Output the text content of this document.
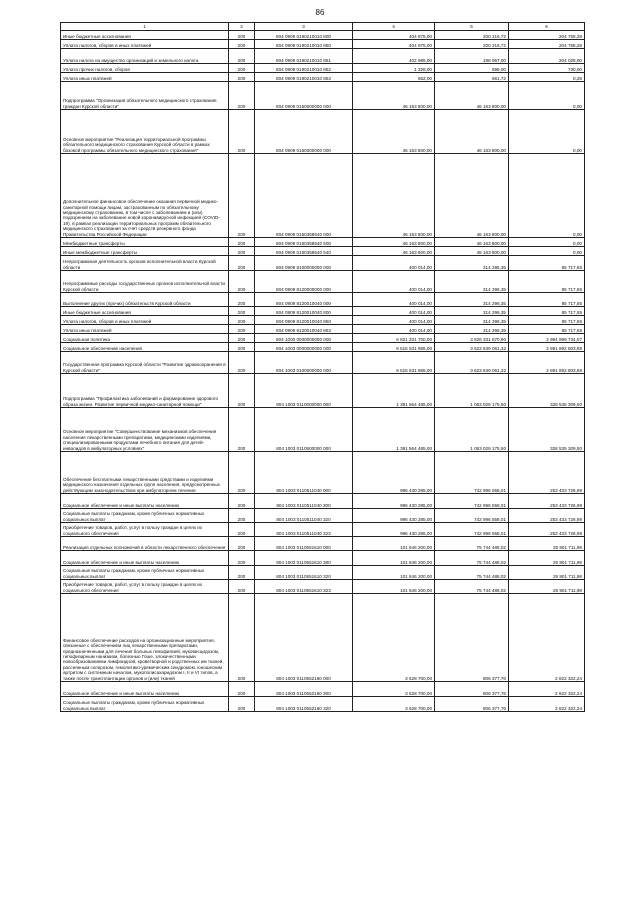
86
1	2	3	4	5	6
Иные бюджетные ассигнования	200	804 0909 0190210010 800	404 975,00	200 216,72	204 758,28
Уплата налогов, сборов и иных платежей	200	804 0909 0190210010 850	404 975,00	200 216,72	204 758,28
Уплата налога на имущество организаций и земельного налога	200	804 0909 0190210010 851	402 985,00	198 957,00	204 028,00
Уплата прочих налогов, сборов	200	804 0909 0190210010 852	1 328,00	598,00	730,00
Уплата иных платежей	200	804 0909 0190210010 853	662,00	661,72	0,28
Подпрограмма "Организация обязательного медицинского страхования граждан Курской области"	200	804 0909 0150000000 000	46 163 800,00	46 163 800,00	0,00
Основное мероприятие "Реализация территориальной программы обязательного медицинского страхования Курской области в рамках базовой программы обязательного медицинского страхования"	200	804 0909 0150300000 000	46 163 800,00	46 163 800,00	0,00
Дополнительное финансовое обеспечение оказания первичной медико-санитарной помощи лицам, застрахованным по обязательному медицинскому страхованию, в том числе с заболеванием и (или) подозрением на заболевание новой коронавирусной инфекцией (COVID-19), в рамках реализации территориальных программ обязательного медицинского страхования за счёт средств резервного фонда Правительства Российской Федерации	200	804 0909 0150358540 000	46 163 800,00	46 163 800,00	0,00
Межбюджетные трансферты	200	804 0909 0150358540 500	46 163 800,00	46 163 800,00	0,00
Иные межбюджетные трансферты	200	804 0909 0150358540 540	46 163 800,00	46 163 800,00	0,00
Непрограммная деятельность органов исполнительной власти Курской области	200	804 0909 8100000000 000	400 014,00	314 296,35	85 717,65
Непрограммные расходы государственных органов исполнительной власти Курской области	200	804 0909 8120000000 000	400 014,00	314 296,35	85 717,65
Выполнение других (прочих) обязательств Курской области	200	804 0909 8120010040 000	400 014,00	314 296,35	85 717,65
Иные бюджетные ассигнования	200	804 0909 8120010040 800	400 014,00	314 296,35	85 717,65
Уплата налогов, сборов и иных платежей	200	804 0909 8120010040 850	400 014,00	314 296,35	85 717,65
Уплата иных платежей	200	804 0909 8120010040 853	400 014,00	314 296,35	85 717,65
Социальная политика	200	804 1000 0000000000 000	6 821 331 700,00	3 826 331 670,90	2 994 999 734,07
Социальное обеспечение населения	200	804 1003 0000000000 000	6 515 531 865,00	3 623 639 061,32	2 891 892 803,68
Государственная программа Курской области "Развитие здравоохранения в Курской области"	200	804 1003 0100000000 000	6 515 531 865,00	3 623 639 061,32	2 891 892 803,68
Подпрограмма "Профилактика заболеваний и формирование здорового образа жизни. Развитие первичной медико-санитарной помощи"	200	804 1003 0110000000 000	1 391 564 485,00	1 063 029 175,50	328 535 309,50
Основное мероприятие "Совершенствование механизмов обеспечения населения лекарственными препаратами, медицинскими изделиями, специализированными продуктами лечебного питания для детей-инвалидов в амбулаторных условиях"	200	804 1003 0110500000 000	1 391 564 485,00	1 063 029 175,50	328 535 309,50
Обеспечение бесплатными лекарственными средствами и изделиями медицинского назначения отдельных групп населения, предусмотренных действующим законодательством при амбулаторном лечении	200	804 1003 0110511040 000	996 430 285,00	742 996 558,01	253 433 726,99
Социальное обеспечение и иные выплаты населению	200	804 1003 0110511040 300	996 430 285,00	742 996 558,01	253 433 726,99
Социальные выплаты гражданам, кроме публичных нормативных социальных выплат	200	804 1003 0110511040 320	996 430 285,00	742 996 558,01	253 433 726,99
Приобретение товаров, работ, услуг в пользу граждан в целях их социального обеспечения	200	804 1003 0110511040 323	996 430 285,00	742 996 558,01	253 433 726,99
Реализация отдельных полномочий в области лекарственного обеспечения	200	804 1003 0110551610 000	101 646 200,00	75 744 488,02	25 901 711,98
Социальное обеспечение и иные выплаты населению	200	804 1003 0110551610 300	101 646 200,00	75 744 488,02	25 901 711,98
Социальные выплаты гражданам, кроме публичных нормативных социальных выплат	200	804 1003 0110551610 320	101 646 200,00	75 744 488,02	25 901 711,98
Приобретение товаров, работ, услуг в пользу граждан в целях их социального обеспечения	200	804 1003 0110551610 323	101 646 200,00	75 744 488,02	25 901 711,98
Финансовое обеспечение расходов на организационные мероприятия, связанные с обеспечением лиц лекарственными препаратами, предназначенными для лечения больных гемофилией, муковисцидозом, гипофизарным нанизмом, болезнью Гоше, злокачественными новообразованиями лимфоидной, кроветворной и родственных им тканей, рассеянным склерозом, гемолитико-уремическим синдромом, юношеским артритом с системным началом, мукополисахаридозом I, II и VI типов, а также после трансплантации органов и (или) тканей	200	804 1003 0110552160 000	3 628 700,00	806 377,76	2 822 322,24
Социальное обеспечение и иные выплаты населению	200	804 1003 0110552160 300	3 628 700,00	806 377,76	2 822 322,24
Социальные выплаты гражданам, кроме публичных нормативных социальных выплат	200	804 1003 0110552160 320	3 628 700,00	806 377,76	2 822 322,24
